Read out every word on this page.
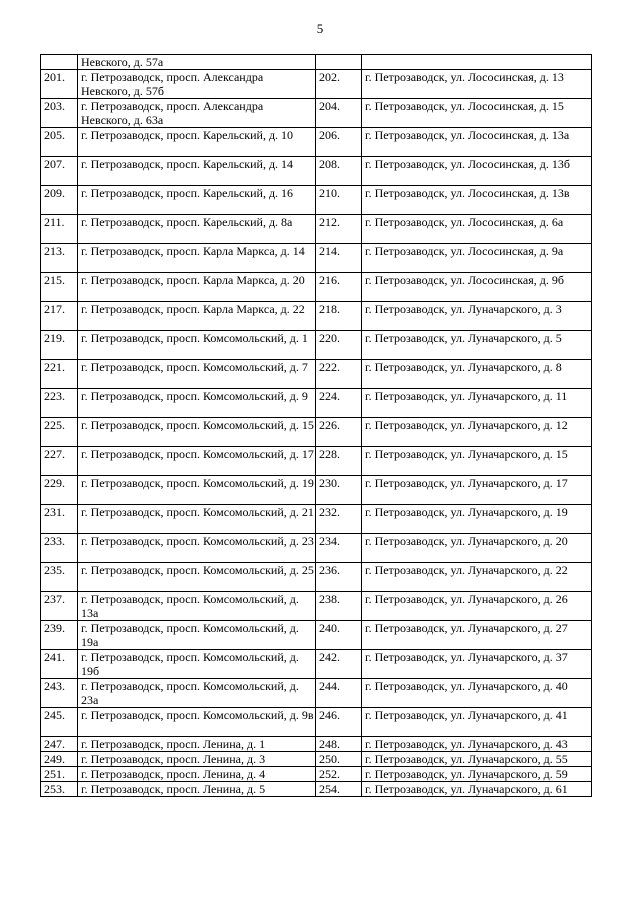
5
	Невского, д. 57а		
201.	г. Петрозаводск, просп. Александра Невского, д. 57б	202.	г. Петрозаводск, ул. Лососинская, д. 13
203.	г. Петрозаводск, просп. Александра Невского, д. 63а	204.	г. Петрозаводск, ул. Лососинская, д. 15
205.	г. Петрозаводск, просп. Карельский, д. 10	206.	г. Петрозаводск, ул. Лососинская, д. 13а
207.	г. Петрозаводск, просп. Карельский, д. 14	208.	г. Петрозаводск, ул. Лососинская, д. 13б
209.	г. Петрозаводск, просп. Карельский, д. 16	210.	г. Петрозаводск, ул. Лососинская, д. 13в
211.	г. Петрозаводск, просп. Карельский, д. 8а	212.	г. Петрозаводск, ул. Лососинская, д. 6а
213.	г. Петрозаводск, просп. Карла Маркса, д. 14	214.	г. Петрозаводск, ул. Лососинская, д. 9а
215.	г. Петрозаводск, просп. Карла Маркса, д. 20	216.	г. Петрозаводск, ул. Лососинская, д. 9б
217.	г. Петрозаводск, просп. Карла Маркса, д. 22	218.	г. Петрозаводск, ул. Луначарского, д. 3
219.	г. Петрозаводск, просп. Комсомольский, д. 1	220.	г. Петрозаводск, ул. Луначарского, д. 5
221.	г. Петрозаводск, просп. Комсомольский, д. 7	222.	г. Петрозаводск, ул. Луначарского, д. 8
223.	г. Петрозаводск, просп. Комсомольский, д. 9	224.	г. Петрозаводск, ул. Луначарского, д. 11
225.	г. Петрозаводск, просп. Комсомольский, д. 15	226.	г. Петрозаводск, ул. Луначарского, д. 12
227.	г. Петрозаводск, просп. Комсомольский, д. 17	228.	г. Петрозаводск, ул. Луначарского, д. 15
229.	г. Петрозаводск, просп. Комсомольский, д. 19	230.	г. Петрозаводск, ул. Луначарского, д. 17
231.	г. Петрозаводск, просп. Комсомольский, д. 21	232.	г. Петрозаводск, ул. Луначарского, д. 19
233.	г. Петрозаводск, просп. Комсомольский, д. 23	234.	г. Петрозаводск, ул. Луначарского, д. 20
235.	г. Петрозаводск, просп. Комсомольский, д. 25	236.	г. Петрозаводск, ул. Луначарского, д. 22
237.	г. Петрозаводск, просп. Комсомольский, д. 13а	238.	г. Петрозаводск, ул. Луначарского, д. 26
239.	г. Петрозаводск, просп. Комсомольский, д. 19а	240.	г. Петрозаводск, ул. Луначарского, д. 27
241.	г. Петрозаводск, просп. Комсомольский, д. 19б	242.	г. Петрозаводск, ул. Луначарского, д. 37
243.	г. Петрозаводск, просп. Комсомольский, д. 23а	244.	г. Петрозаводск, ул. Луначарского, д. 40
245.	г. Петрозаводск, просп. Комсомольский, д. 9в	246.	г. Петрозаводск, ул. Луначарского, д. 41
247.	г. Петрозаводск, просп. Ленина, д. 1	248.	г. Петрозаводск, ул. Луначарского, д. 43
249.	г. Петрозаводск, просп. Ленина, д. 3	250.	г. Петрозаводск, ул. Луначарского, д. 55
251.	г. Петрозаводск, просп. Ленина, д. 4	252.	г. Петрозаводск, ул. Луначарского, д. 59
253.	г. Петрозаводск, просп. Ленина, д. 5	254.	г. Петрозаводск, ул. Луначарского, д. 61
